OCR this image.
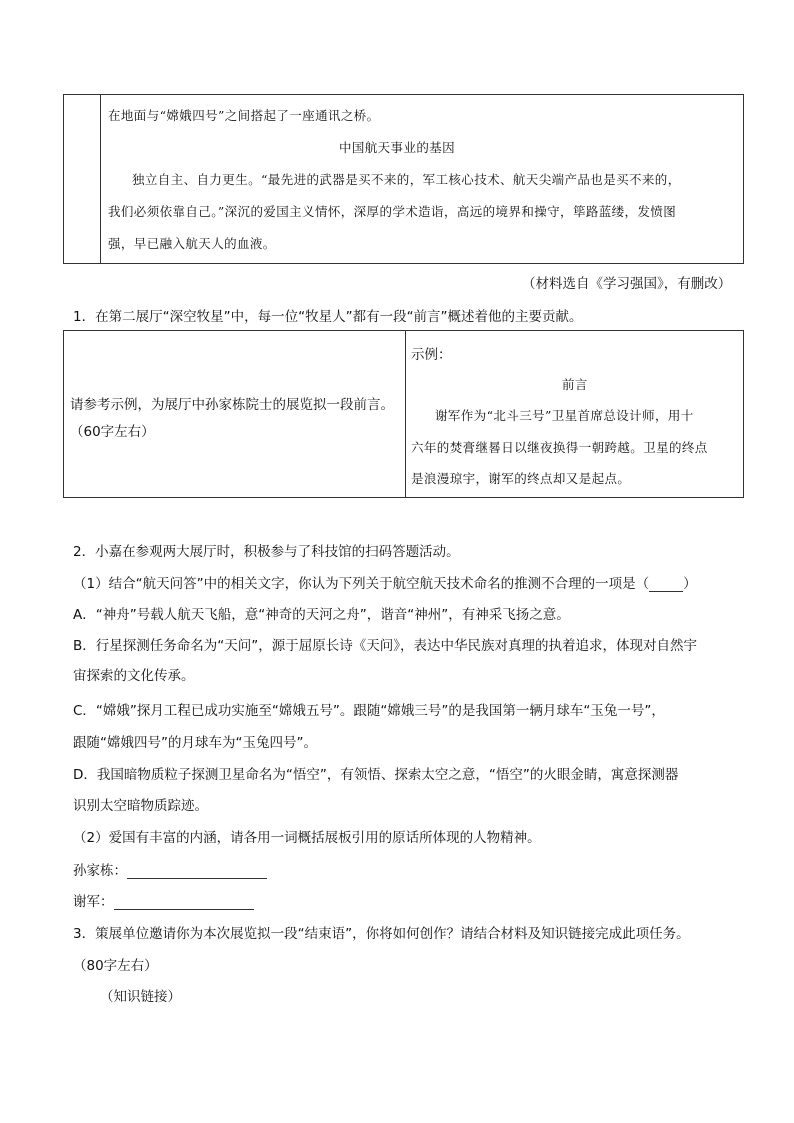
在地面与“嫦娥四号”之间搭起了一座通讯之桥。
中国航天事业的基因
独立自主、自力更生。“最先进的武器是买不来的，军工核心技术、航天尖端产品也是买不来的，
我们必须依靠自己。”深沉的爱国主义情怀，深厚的学术造诣，高远的境界和操守，筚路蓝缕，发愤图
强，早已融入航天人的血液。
（材料选自《学习强国》，有删改）
1．在第二展厅“深空牧星”中，每一位“牧星人”都有一段“前言”概述着他的主要贡献。
请参考示例，为展厅中孙家栋院士的展览拟一段前言。
（60字左右）
示例：
前言
谢军作为“北斗三号”卫星首席总设计师，用十
六年的焚膏继晷日以继夜换得一朝跨越。卫星的终点
是浪漫琼宇，谢军的终点却又是起点。
2．小嘉在参观两大展厅时，积极参与了科技馆的扫码答题活动。
（1）结合“航天问答”中的相关文字，你认为下列关于航空航天技术命名的推测不合理的一项是（	）
A．“神舟”号载人航天飞船，意“神奇的天河之舟”，谐音“神州”，有神采飞扬之意。
B．行星探测任务命名为“天问”，源于屈原长诗《天问》，表达中华民族对真理的执着追求，体现对自然宇
宙探索的文化传承。
C．“嫦娥”探月工程已成功实施至“嫦娥五号”。跟随“嫦娥三号”的是我国第一辆月球车“玉兔一号”，
跟随“嫦娥四号”的月球车为“玉兔四号”。
D．我国暗物质粒子探测卫星命名为“悟空”，有领悟、探索太空之意，“悟空”的火眼金睛，寓意探测器
识别太空暗物质踪迹。
（2）爱国有丰富的内涵，请各用一词概括展板引用的原话所体现的人物精神。
孙家栋：
谢军：
3．策展单位邀请你为本次展览拟一段“结束语”，你将如何创作？请结合材料及知识链接完成此项任务。
（80字左右）
（知识链接）
